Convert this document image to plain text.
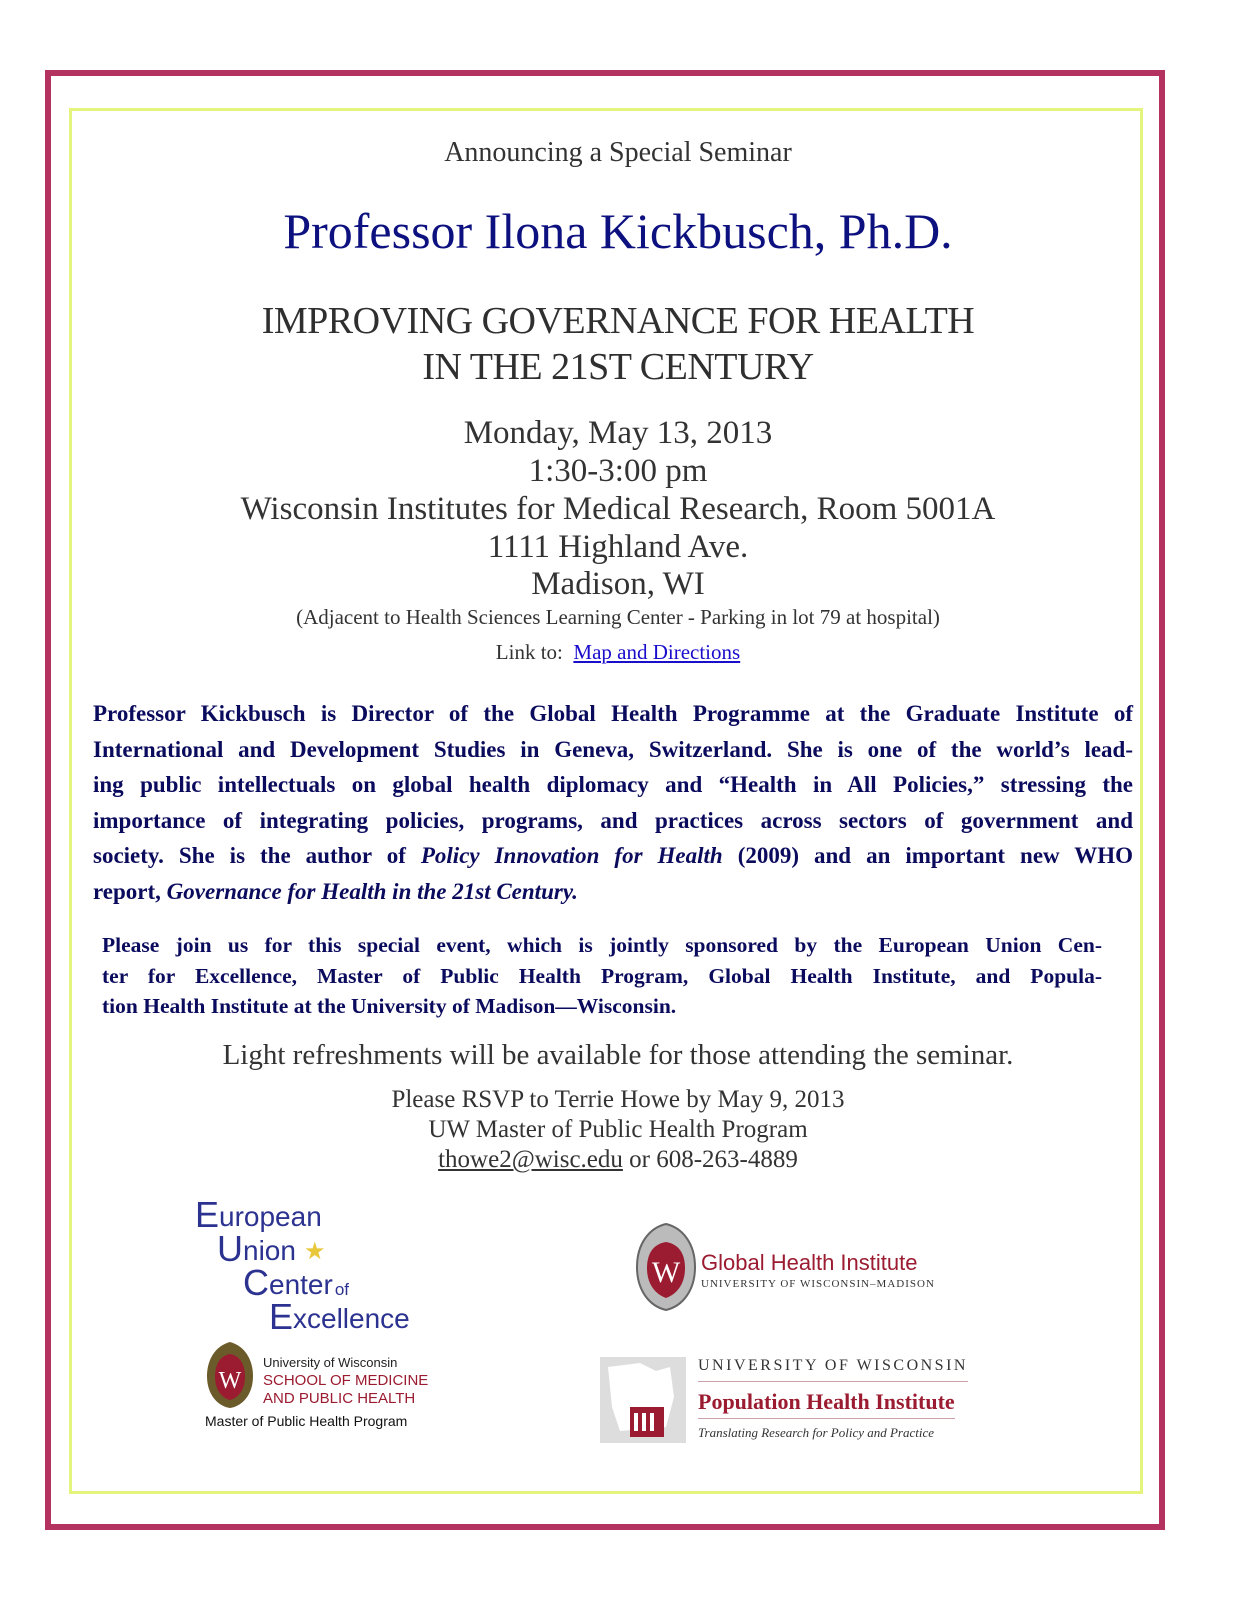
Announcing a Special Seminar
Professor Ilona Kickbusch, Ph.D.
IMPROVING GOVERNANCE FOR HEALTH
IN THE 21ST CENTURY
Monday, May 13, 2013
1:30-3:00 pm
Wisconsin Institutes for Medical Research, Room 5001A
1111 Highland Ave.
Madison, WI
(Adjacent to Health Sciences Learning Center - Parking in lot 79 at hospital)
Link to: Map and Directions
Professor Kickbusch is Director of the Global Health Programme at the Graduate Institute of
International and Development Studies in Geneva, Switzerland. She is one of the world’s lead-
ing public intellectuals on global health diplomacy and “Health in All Policies,” stressing the
importance of integrating policies, programs, and practices across sectors of government and
society. She is the author of Policy Innovation for Health (2009) and an important new WHO
report, Governance for Health in the 21st Century.
Please join us for this special event, which is jointly sponsored by the European Union Cen-
ter for Excellence, Master of Public Health Program, Global Health Institute, and Popula-
tion Health Institute at the University of Madison—Wisconsin.
Light refreshments will be available for those attending the seminar.
Please RSVP to Terrie Howe by May 9, 2013
UW Master of Public Health Program
thowe2@wisc.edu or 608-263-4889
E uropean
U nion ★
C enter of
E xcellence
W Global Health Institute
UNIVERSITY OF WISCONSIN–MADISON
W
University of Wisconsin
SCHOOL OF MEDICINE
AND PUBLIC HEALTH
Master of Public Health Program
UNIVERSITY OF WISCONSIN
Population Health Institute
Translating Research for Policy and Practice
